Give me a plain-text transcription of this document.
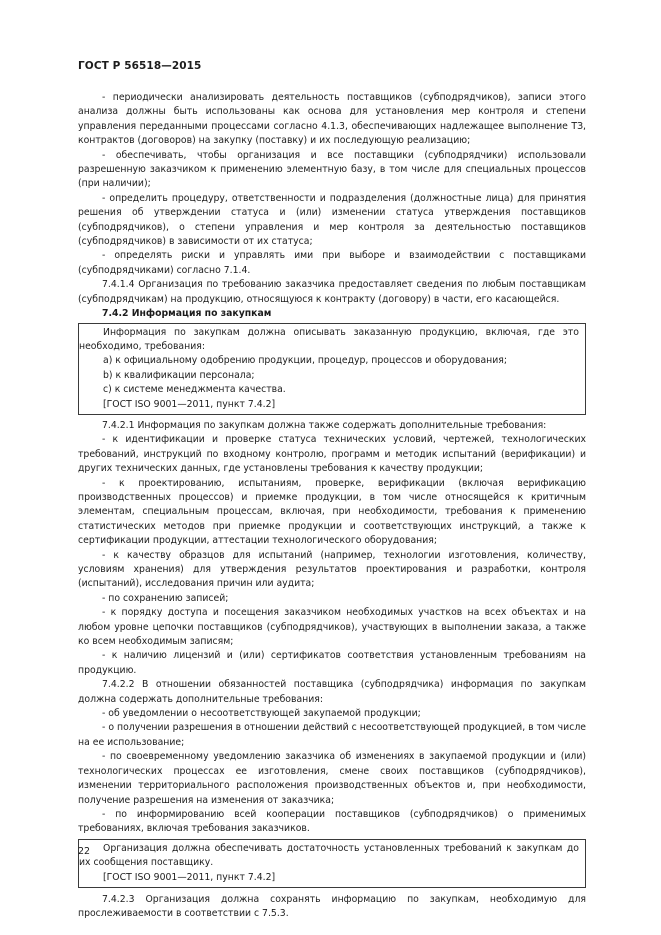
ГОСТ Р 56518—2015

- периодически анализировать деятельность поставщиков (субподрядчиков), записи этого анализа должны быть использованы как основа для установления мер контроля и степени управления переданными процессами согласно 4.1.3, обеспечивающих надлежащее выполнение ТЗ, контрактов (договоров) на закупку (поставку) и их последующую реализацию;

- обеспечивать, чтобы организация и все поставщики (субподрядчики) использовали разрешенную заказчиком к применению элементную базу, в том числе для специальных процессов (при наличии);

- определить процедуру, ответственности и подразделения (должностные лица) для принятия решения об утверждении статуса и (или) изменении статуса утверждения поставщиков (субподрядчиков), о степени управления и мер контроля за деятельностью поставщиков (субподрядчиков) в зависимости от их статуса;

- определять риски и управлять ими при выборе и взаимодействии с поставщиками (субподрядчиками) согласно 7.1.4.

7.4.1.4 Организация по требованию заказчика предоставляет сведения по любым поставщикам (субподрядчикам) на продукцию, относящуюся к контракту (договору) в части, его касающейся.

7.4.2 Информация по закупкам

Информация по закупкам должна описывать заказанную продукцию, включая, где это необходимо, требования:

a) к официальному одобрению продукции, процедур, процессов и оборудования;

b) к квалификации персонала;

c) к системе менеджмента качества.

[ГОСТ ISO 9001—2011, пункт 7.4.2]

7.4.2.1 Информация по закупкам должна также содержать дополнительные требования:

- к идентификации и проверке статуса технических условий, чертежей, технологических требований, инструкций по входному контролю, программ и методик испытаний (верификации) и других технических данных, где установлены требования к качеству продукции;

- к проектированию, испытаниям, проверке, верификации (включая верификацию производственных процессов) и приемке продукции, в том числе относящейся к критичным элементам, специальным процессам, включая, при необходимости, требования к применению статистических методов при приемке продукции и соответствующих инструкций, а также к сертификации продукции, аттестации технологического оборудования;

- к качеству образцов для испытаний (например, технологии изготовления, количеству, условиям хранения) для утверждения результатов проектирования и разработки, контроля (испытаний), исследования причин или аудита;

- по сохранению записей;

- к порядку доступа и посещения заказчиком необходимых участков на всех объектах и на любом уровне цепочки поставщиков (субподрядчиков), участвующих в выполнении заказа, а также ко всем необходимым записям;

- к наличию лицензий и (или) сертификатов соответствия установленным требованиям на продукцию.

7.4.2.2 В отношении обязанностей поставщика (субподрядчика) информация по закупкам должна содержать дополнительные требования:

- об уведомлении о несоответствующей закупаемой продукции;

- о получении разрешения в отношении действий с несоответствующей продукцией, в том числе на ее использование;

- по своевременному уведомлению заказчика об изменениях в закупаемой продукции и (или) технологических процессах ее изготовления, смене своих поставщиков (субподрядчиков), изменении территориального расположения производственных объектов и, при необходимости, получение разрешения на изменения от заказчика;

- по информированию всей кооперации поставщиков (субподрядчиков) о применимых требованиях, включая требования заказчиков.

Организация должна обеспечивать достаточность установленных требований к закупкам до их сообщения поставщику.

[ГОСТ ISO 9001—2011, пункт 7.4.2]

7.4.2.3 Организация должна сохранять информацию по закупкам, необходимую для прослеживаемости в соответствии с 7.5.3.

22
